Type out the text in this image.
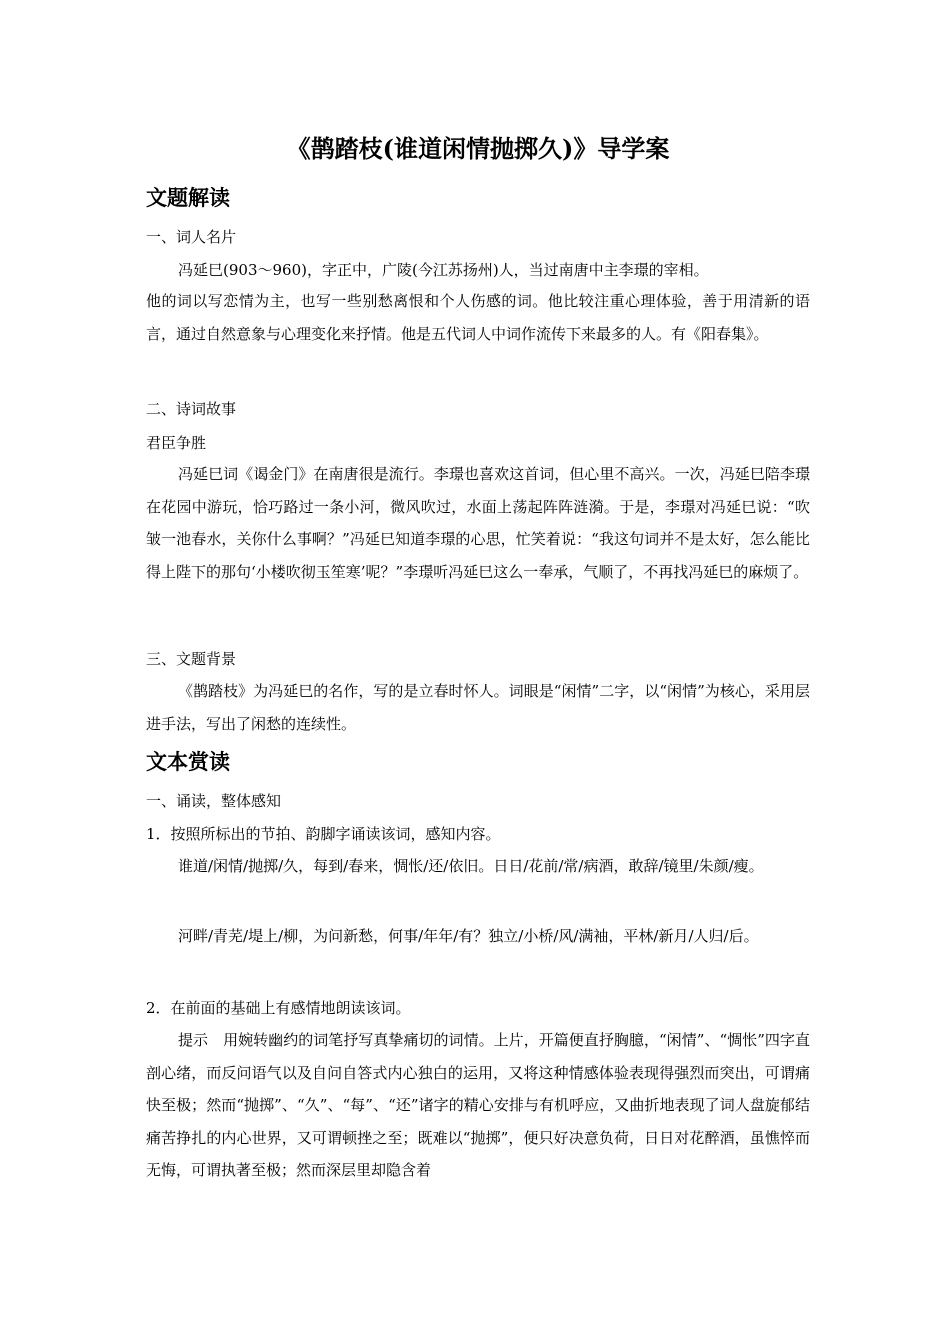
《鹊踏枝(谁道闲情抛掷久)》导学案
文题解读

一、词人名片

冯延巳(903～960)，字正中，广陵(今江苏扬州)人，当过南唐中主李璟的宰相。

他的词以写恋情为主，也写一些别愁离恨和个人伤感的词。他比较注重心理体验，善于用清新的语言，通过自然意象与心理变化来抒情。他是五代词人中词作流传下来最多的人。有《阳春集》。

二、诗词故事

君臣争胜

冯延巳词《谒金门》在南唐很是流行。李璟也喜欢这首词，但心里不高兴。一次，冯延巳陪李璟在花园中游玩，恰巧路过一条小河，微风吹过，水面上荡起阵阵涟漪。于是，李璟对冯延巳说：“吹皱一池春水，关你什么事啊？”冯延巳知道李璟的心思，忙笑着说：“我这句词并不是太好，怎么能比得上陛下的那句‘小楼吹彻玉笙寒’呢？”李璟听冯延巳这么一奉承，气顺了，不再找冯延巳的麻烦了。

三、文题背景

《鹊踏枝》为冯延巳的名作，写的是立春时怀人。词眼是“闲情”二字，以“闲情”为核心，采用层进手法，写出了闲愁的连续性。

文本赏读

一、诵读，整体感知

1．按照所标出的节拍、韵脚字诵读该词，感知内容。

谁道/闲情/抛掷/久，每到/春来，惆怅/还/依旧。日日/花前/常/病酒，敢辞/镜里/朱颜/瘦。

河畔/青芜/堤上/柳，为问新愁，何事/年年/有？独立/小桥/风/满袖，平林/新月/人归/后。

2．在前面的基础上有感情地朗读该词。

提示　用婉转幽约的词笔抒写真挚痛切的词情。上片，开篇便直抒胸臆，“闲情”、“惆怅”四字直剖心绪，而反问语气以及自问自答式内心独白的运用，又将这种情感体验表现得强烈而突出，可谓痛快至极；然而“抛掷”、“久”、“每”、“还”诸字的精心安排与有机呼应，又曲折地表现了词人盘旋郁结痛苦挣扎的内心世界，又可谓顿挫之至；既难以“抛掷”，便只好决意负荷，日日对花醉酒，虽憔悴而无悔，可谓执著至极；然而深层里却隐含着
